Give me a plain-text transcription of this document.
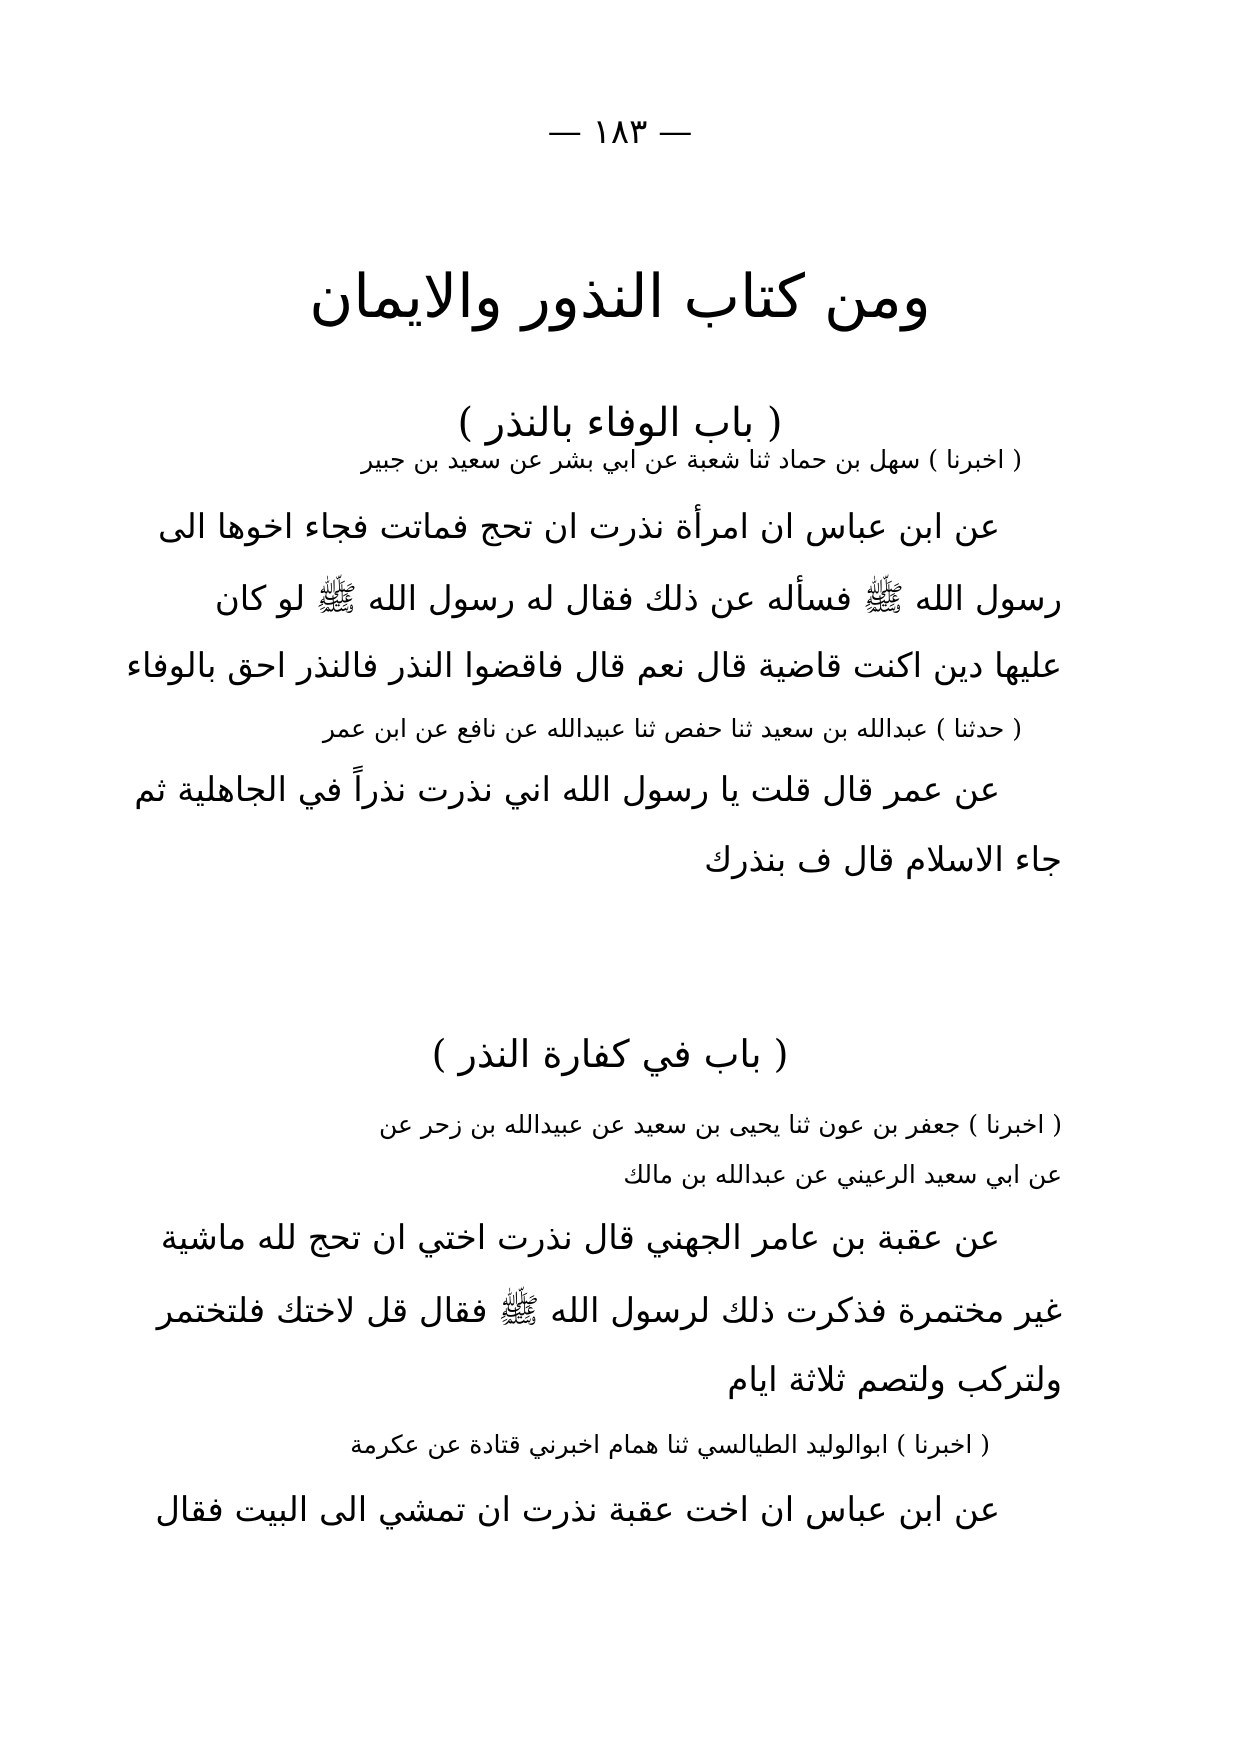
— ١٨٣ —
ومن كتاب النذور والايمان
( باب الوفاء بالنذر )
( اخبرنا ) سهل بن حماد ثنا شعبة عن ابي بشر عن سعيد بن جبير
عن ابن عباس ان امرأة نذرت ان تحج فماتت فجاء اخوها الى
رسول الله ﷺ فسأله عن ذلك فقال له رسول الله ﷺ لو كان
عليها دين اكنت قاضية قال نعم قال فاقضوا النذر فالنذر احق بالوفاء
( حدثنا ) عبدالله بن سعيد ثنا حفص ثنا عبيدالله عن نافع عن ابن عمر
عن عمر قال قلت يا رسول الله اني نذرت نذراً في الجاهلية ثم
جاء الاسلام قال ف بنذرك
( باب في كفارة النذر )
( اخبرنا ) جعفر بن عون ثنا يحيى بن سعيد عن عبيدالله بن زحر عن
عن ابي سعيد الرعيني عن عبدالله بن مالك
عن عقبة بن عامر الجهني قال نذرت اختي ان تحج لله ماشية
غير مختمرة فذكرت ذلك لرسول الله ﷺ فقال قل لاختك فلتختمر
ولتركب ولتصم ثلاثة ايام
( اخبرنا ) ابوالوليد الطيالسي ثنا همام اخبرني قتادة عن عكرمة
عن ابن عباس ان اخت عقبة نذرت ان تمشي الى البيت فقال
